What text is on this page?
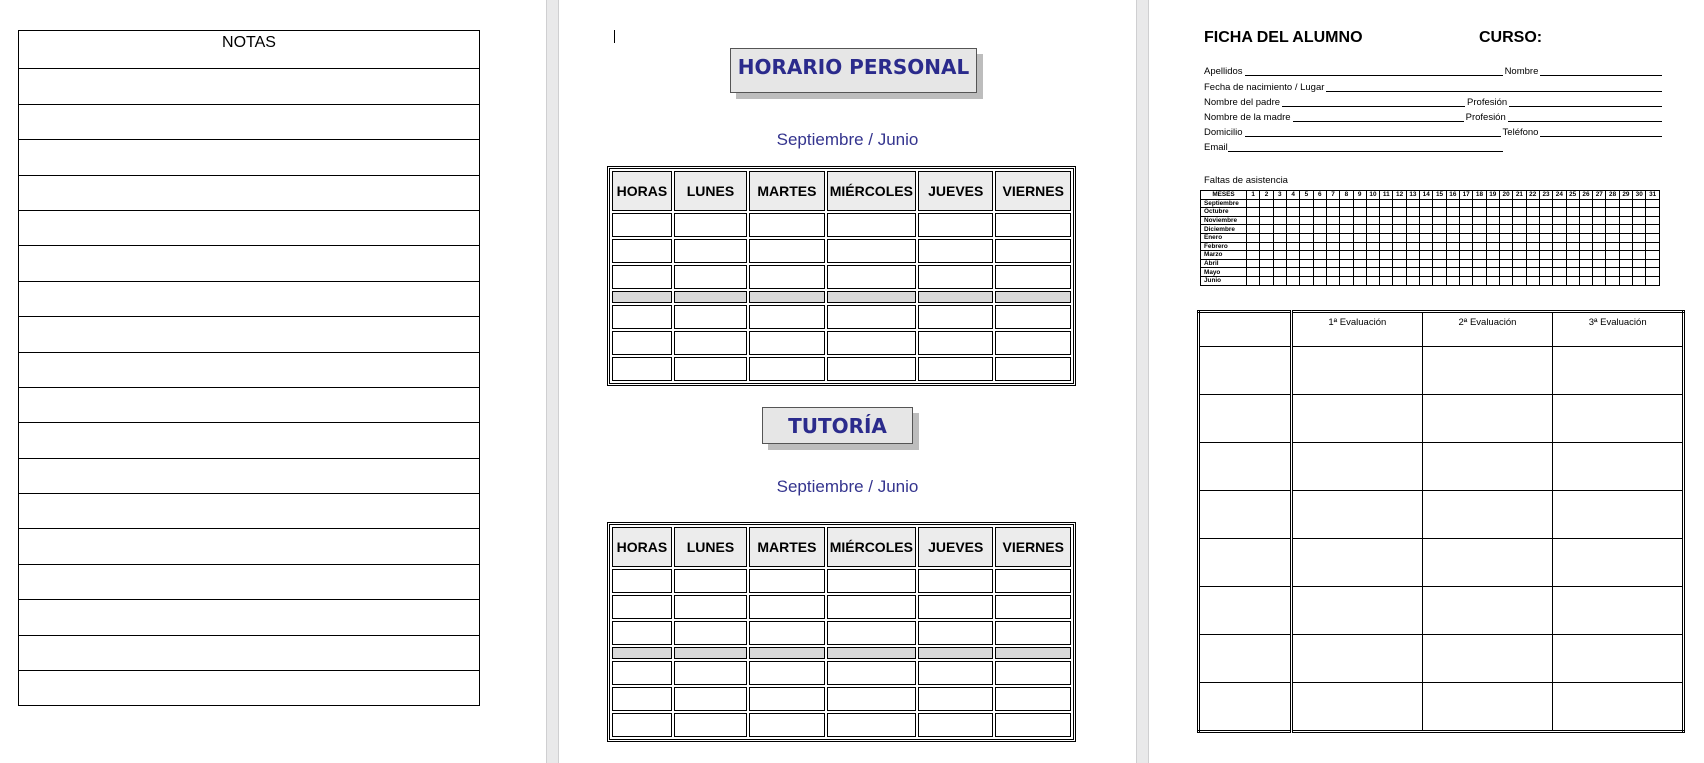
NOTAS

HORARIO PERSONAL
Septiembre / Junio
HORAS	LUNES	MARTES	MIÉRCOLES	JUEVES	VIERNES

TUTORÍA
Septiembre / Junio
HORAS	LUNES	MARTES	MIÉRCOLES	JUEVES	VIERNES

FICHA DEL ALUMNO	CURSO:
Apellidos	Nombre
Fecha de nacimiento / Lugar
Nombre del padre	Profesión
Nombre de la madre	Profesión
Domicilio	Teléfono
Email
Faltas de asistencia
MESES	1	2	3	4	5	6	7	8	9	10	11	12	13	14	15	16	17	18	19	20	21	22	23	24	25	26	27	28	29	30	31
Septiembre																															
Octubre																															
Noviembre																															
Diciembre																															
Enero																															
Febrero																															
Marzo																															
Abril																															
Mayo																															
Junio																															
	1ª Evaluación	2ª Evaluación	3ª Evaluación
